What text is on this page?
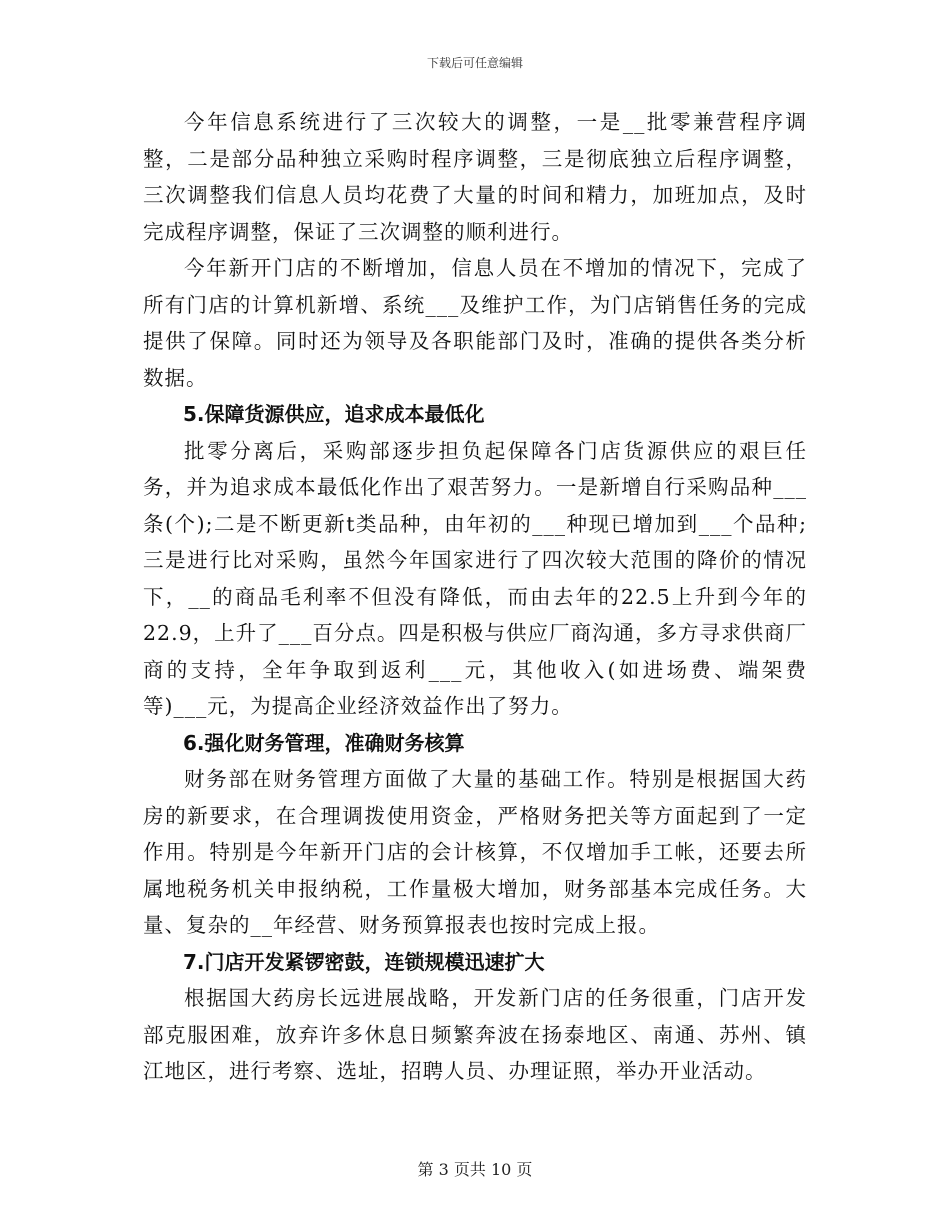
下载后可任意编辑

今年信息系统进行了三次较大的调整，一是__批零兼营程序调整，二是部分品种独立采购时程序调整，三是彻底独立后程序调整，三次调整我们信息人员均花费了大量的时间和精力，加班加点，及时完成程序调整，保证了三次调整的顺利进行。

今年新开门店的不断增加，信息人员在不增加的情况下，完成了所有门店的计算机新增、系统___及维护工作，为门店销售任务的完成提供了保障。同时还为领导及各职能部门及时，准确的提供各类分析数据。

5.保障货源供应，追求成本最低化

批零分离后，采购部逐步担负起保障各门店货源供应的艰巨任务，并为追求成本最低化作出了艰苦努力。一是新增自行采购品种___条(个);二是不断更新t类品种，由年初的___种现已增加到___个品种;三是进行比对采购，虽然今年国家进行了四次较大范围的降价的情况下，__的商品毛利率不但没有降低，而由去年的22.5上升到今年的22.9，上升了___百分点。四是积极与供应厂商沟通，多方寻求供商厂商的支持，全年争取到返利___元，其他收入(如进场费、端架费等)___元，为提高企业经济效益作出了努力。

6.强化财务管理，准确财务核算

财务部在财务管理方面做了大量的基础工作。特别是根据国大药房的新要求，在合理调拨使用资金，严格财务把关等方面起到了一定作用。特别是今年新开门店的会计核算，不仅增加手工帐，还要去所属地税务机关申报纳税，工作量极大增加，财务部基本完成任务。大量、复杂的__年经营、财务预算报表也按时完成上报。

7.门店开发紧锣密鼓，连锁规模迅速扩大

根据国大药房长远进展战略，开发新门店的任务很重，门店开发部克服困难，放弃许多休息日频繁奔波在扬泰地区、南通、苏州、镇江地区，进行考察、选址，招聘人员、办理证照，举办开业活动。

第 3 页共 10 页
